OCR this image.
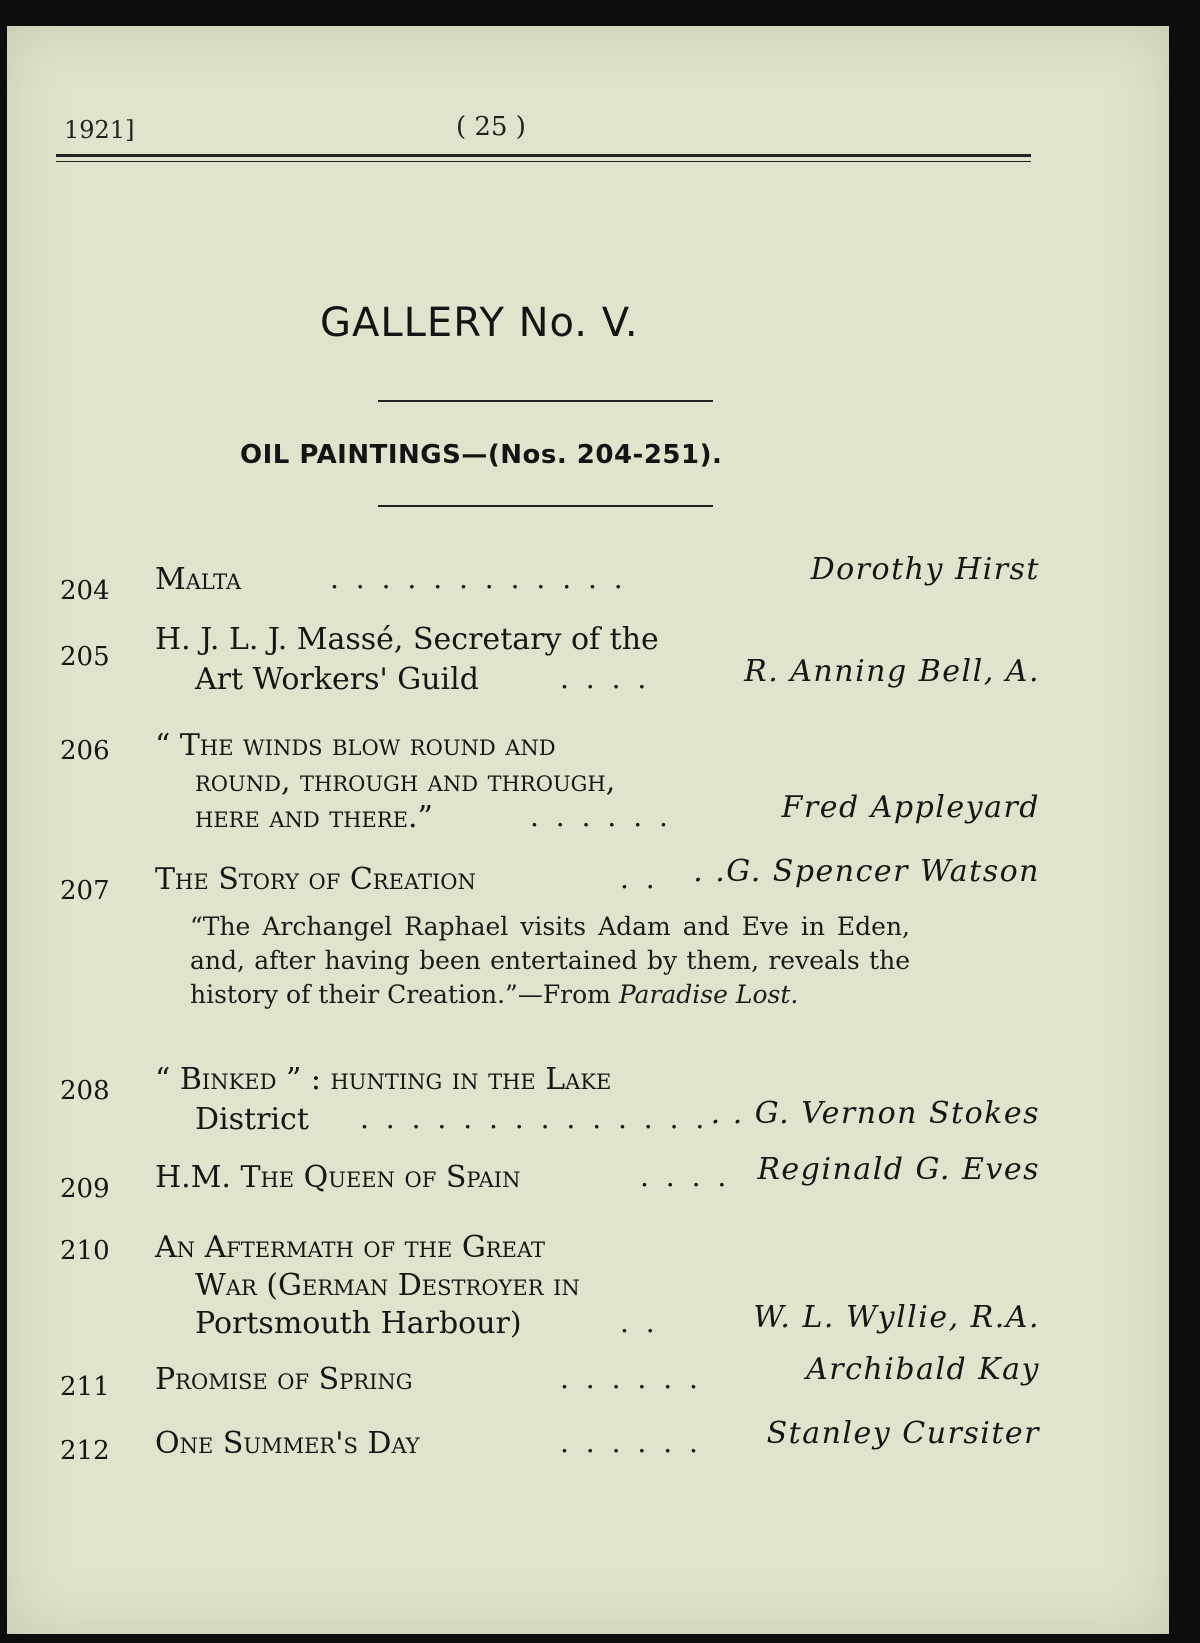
1921]	( 25 )
GALLERY No. V.
OIL PAINTINGS—(Nos. 204-251).
204	Malta	. . . . . . . . . . . .	Dorothy Hirst
205	H. J. L. J. Massé, Secretary of the
Art Workers' Guild	. . . .	R. Anning Bell, A.
206	“ The winds blow round and
round, through and through,
here and there.”	. . . . . .	Fred Appleyard
207	The Story of Creation	. . . .G. Spencer Watson
“The Archangel Raphael visits Adam and Eve in Eden, and, after having been entertained by them, reveals the history of their Creation.”—From Paradise Lost.
208	“ Binked ” : hunting in the Lake
District . . . . . . . . . . . . . . . . G. Vernon Stokes
209	H.M. The Queen of Spain	. . . . Reginald G. Eves
210	An Aftermath of the Great
War (German Destroyer in
Portsmouth Harbour)	. .	W. L. Wyllie, R.A.
211	Promise of Spring	. . . . . .	Archibald Kay
212	One Summer's Day	. . . . . . Stanley Cursiter
